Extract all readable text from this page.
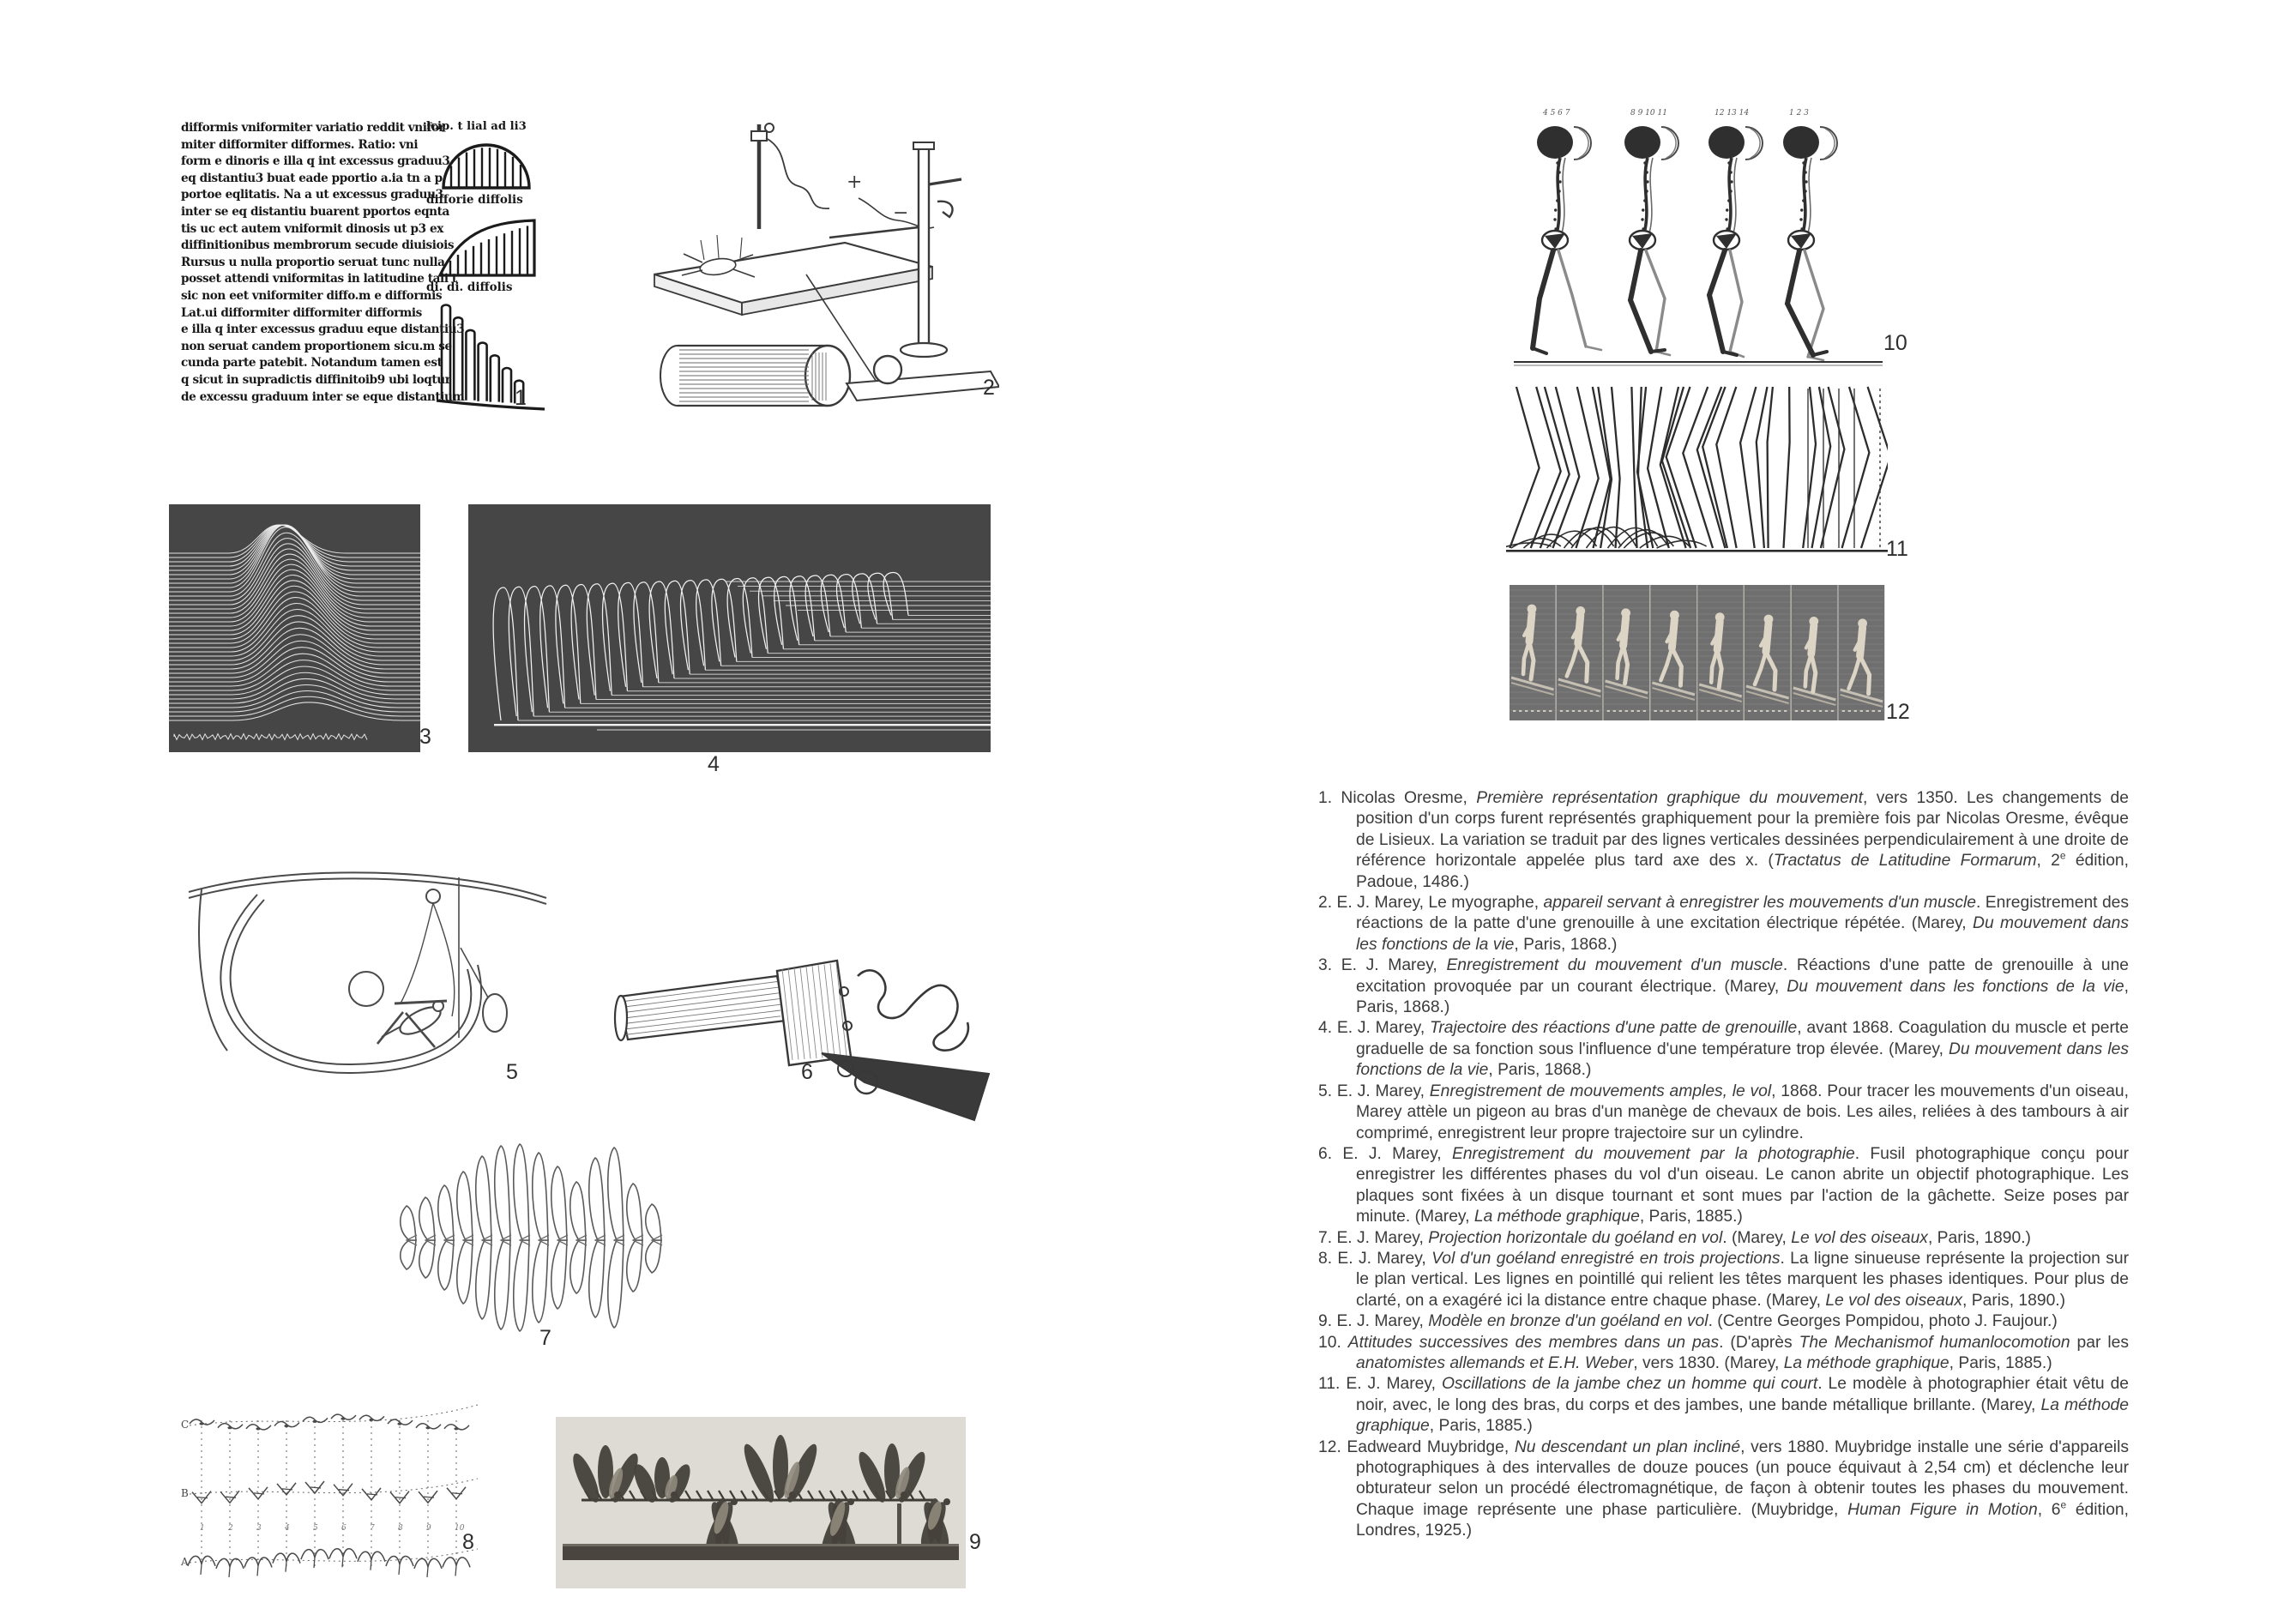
difformis vniformiter variatio reddit vnifor
miter difformiter difformes. Ratio: vni
form e dinoris e illa q int excessus graduu3
eq distantiu3 buat eade pportio a.ia tn a p
portoe eqlitatis. Na a ut excessus graduu3
inter se eq distantiu buarent pportos eqnta
tis uc ect autem vniformit dinosis ut p3 ex
diffinitionibus membrorum secude diuisiois
Rursus u nulla proportio seruat tunc nulla
posset attendi vniformitas in latitudine tali t
sic non eet vniformiter diffo.m e difformis
Lat.ui difformiter difformiter difformis
e illa q inter excessus graduu eque distantiu3
non seruat candem proportionem sicu.m se
cunda parte patebit. Notandum tamen est
q sicut in supradictis diffinitoib9 ubi loqtur
de excessu graduum inter se eque distantium
lcip. t lial ad li3
difforie diffolis
di. di. diffolis
1
+
−
2
3
4
5	6
7
C
B
A
1	2	3	4	5	6	7	8	9	10
8	9
4 5 6 7	8 9 10 11	12 13 14	1 2 3
10
11
12

1. Nicolas Oresme, Première représentation graphique du mouvement, vers 1350. Les changements de position d'un corps furent représentés graphiquement pour la première fois par Nicolas Oresme, évêque de Lisieux. La variation se traduit par des lignes verticales dessinées perpendiculairement à une droite de référence horizontale appelée plus tard axe des x. (Tractatus de Latitudine Formarum, 2e édition, Padoue, 1486.)

2. E. J. Marey, Le myographe, appareil servant à enregistrer les mouvements d'un muscle. Enregistrement des réactions de la patte d'une grenouille à une excitation électrique répétée. (Marey, Du mouvement dans les fonctions de la vie, Paris, 1868.)

3. E. J. Marey, Enregistrement du mouvement d'un muscle. Réactions d'une patte de grenouille à une excitation provoquée par un courant électrique. (Marey, Du mouvement dans les fonctions de la vie, Paris, 1868.)

4. E. J. Marey, Trajectoire des réactions d'une patte de grenouille, avant 1868. Coagulation du muscle et perte graduelle de sa fonction sous l'influence d'une température trop élevée. (Marey, Du mouvement dans les fonctions de la vie, Paris, 1868.)

5. E. J. Marey, Enregistrement de mouvements amples, le vol, 1868. Pour tracer les mouvements d'un oiseau, Marey attèle un pigeon au bras d'un manège de chevaux de bois. Les ailes, reliées à des tambours à air comprimé, enregistrent leur propre trajectoire sur un cylindre.

6. E. J. Marey, Enregistrement du mouvement par la photographie. Fusil photographique conçu pour enregistrer les différentes phases du vol d'un oiseau. Le canon abrite un objectif photographique. Les plaques sont fixées à un disque tournant et sont mues par l'action de la gâchette. Seize poses par minute. (Marey, La méthode graphique, Paris, 1885.)

7. E. J. Marey, Projection horizontale du goéland en vol. (Marey, Le vol des oiseaux, Paris, 1890.)

8. E. J. Marey, Vol d'un goéland enregistré en trois projections. La ligne sinueuse représente la projection sur le plan vertical. Les lignes en pointillé qui relient les têtes marquent les phases identiques. Pour plus de clarté, on a exagéré ici la distance entre chaque phase. (Marey, Le vol des oiseaux, Paris, 1890.)

9. E. J. Marey, Modèle en bronze d'un goéland en vol. (Centre Georges Pompidou, photo J. Faujour.)

10. Attitudes successives des membres dans un pas. (D'après The Mechanismof humanlocomotion par les anatomistes allemands et E.H. Weber, vers 1830. (Marey, La méthode graphique, Paris, 1885.)

11. E. J. Marey, Oscillations de la jambe chez un homme qui court. Le modèle à photographier était vêtu de noir, avec, le long des bras, du corps et des jambes, une bande métallique brillante. (Marey, La méthode graphique, Paris, 1885.)

12. Eadweard Muybridge, Nu descendant un plan incliné, vers 1880. Muybridge installe une série d'appareils photographiques à des intervalles de douze pouces (un pouce équivaut à 2,54 cm) et déclenche leur obturateur selon un procédé électromagnétique, de façon à obtenir toutes les phases du mouvement. Chaque image représente une phase particulière. (Muybridge, Human Figure in Motion, 6e édition, Londres, 1925.)
